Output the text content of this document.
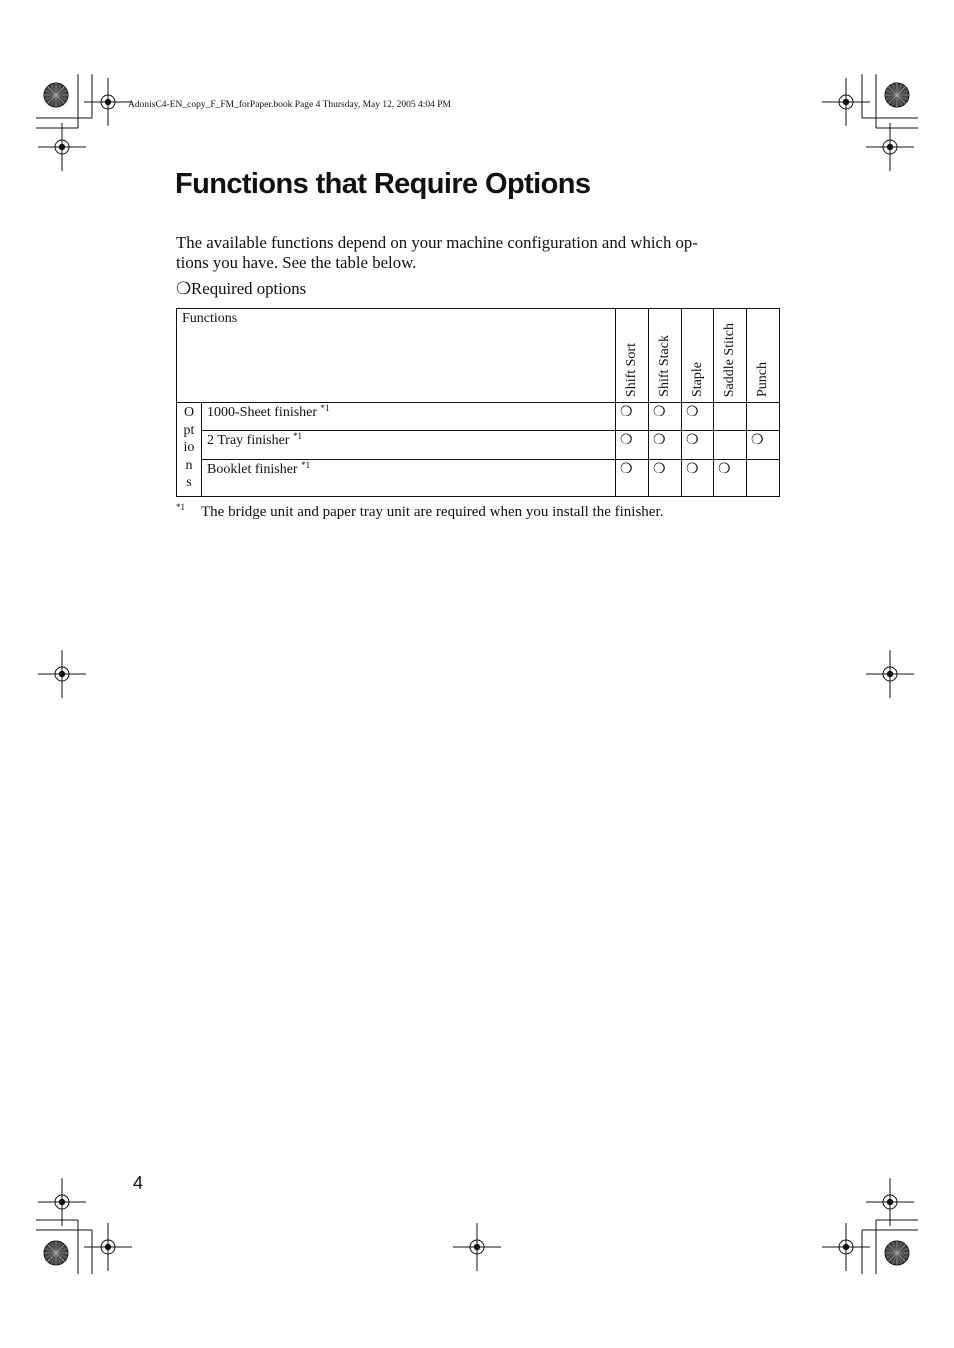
AdonisC4-EN_copy_F_FM_forPaper.book Page 4 Thursday, May 12, 2005 4:04 PM
Functions that Require Options

The available functions depend on your machine configuration and which op-
tions you have. See the table below.

❍Required options
Functions		Shift Sort	Shift Stack	Staple	Saddle Stitch	Punch

O
pt
io
n
s	1000-Sheet finisher $^{*1}$	❍	❍	❍		
	2 Tray finisher $^{*1}$	❍	❍	❍		❍
	Booklet finisher $^{*1}$	❍	❍	❍	❍	
$^{*1}$ The bridge unit and paper tray unit are required when you install the finisher.
4
